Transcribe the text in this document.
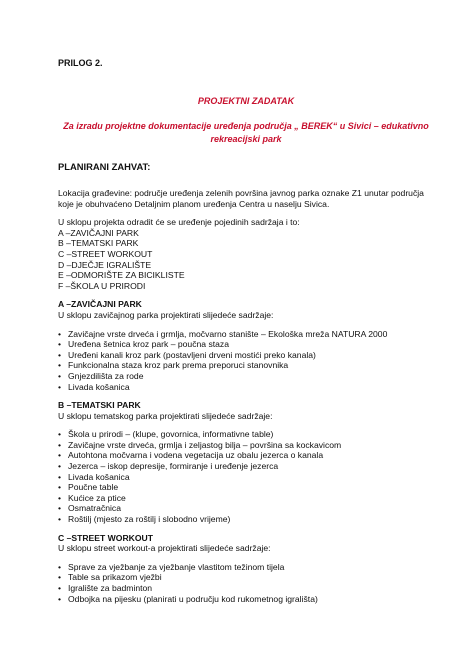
PRILOG 2.
PROJEKTNI ZADATAK
Za izradu projektne dokumentacije uređenja područja „ BEREK“ u Sivici – edukativno rekreacijski park
PLANIRANI ZAHVAT:

Lokacija građevine: područje uređenja zelenih površina javnog parka oznake Z1 unutar područja koje je obuhvaćeno Detaljnim planom uređenja Centra u naselju Sivica.

U sklopu projekta odradit će se uređenje pojedinih sadržaja i to:

A –ZAVIČAJNI PARK
B –TEMATSKI PARK
C –STREET WORKOUT
D –DJEČJE IGRALIŠTE
E –ODMORIŠTE ZA BICIKLISTE
F –ŠKOLA U PRIRODI
A –ZAVIČAJNI PARK

U sklopu zavičajnog parka projektirati slijedeće sadržaje:

• Zavičajne vrste drveća i grmlja, močvarno stanište – Ekološka mreža NATURA 2000
• Uređena šetnica kroz park – poučna staza
• Uređeni kanali kroz park (postavljeni drveni mostići preko kanala)
• Funkcionalna staza kroz park prema preporuci stanovnika
• Gnjezdilišta za rode
• Livada košanica
B –TEMATSKI PARK

U sklopu tematskog parka projektirati slijedeće sadržaje:

• Škola u prirodi – (klupe, govornica, informativne table)
• Zavičajne vrste drveća, grmlja i zeljastog bilja – površina sa kockavicom
• Autohtona močvarna i vodena vegetacija uz obalu jezerca o kanala
• Jezerca – iskop depresije, formiranje i uređenje jezerca
• Livada košanica
• Poučne table
• Kućice za ptice
• Osmatračnica
• Roštilj (mjesto za roštilj i slobodno vrijeme)
C –STREET WORKOUT

U sklopu street workout-a projektirati slijedeće sadržaje:

• Sprave za vježbanje za vježbanje vlastitom težinom tijela
• Table sa prikazom vježbi
• Igralište za badminton
• Odbojka na pijesku (planirati u području kod rukometnog igrališta)
